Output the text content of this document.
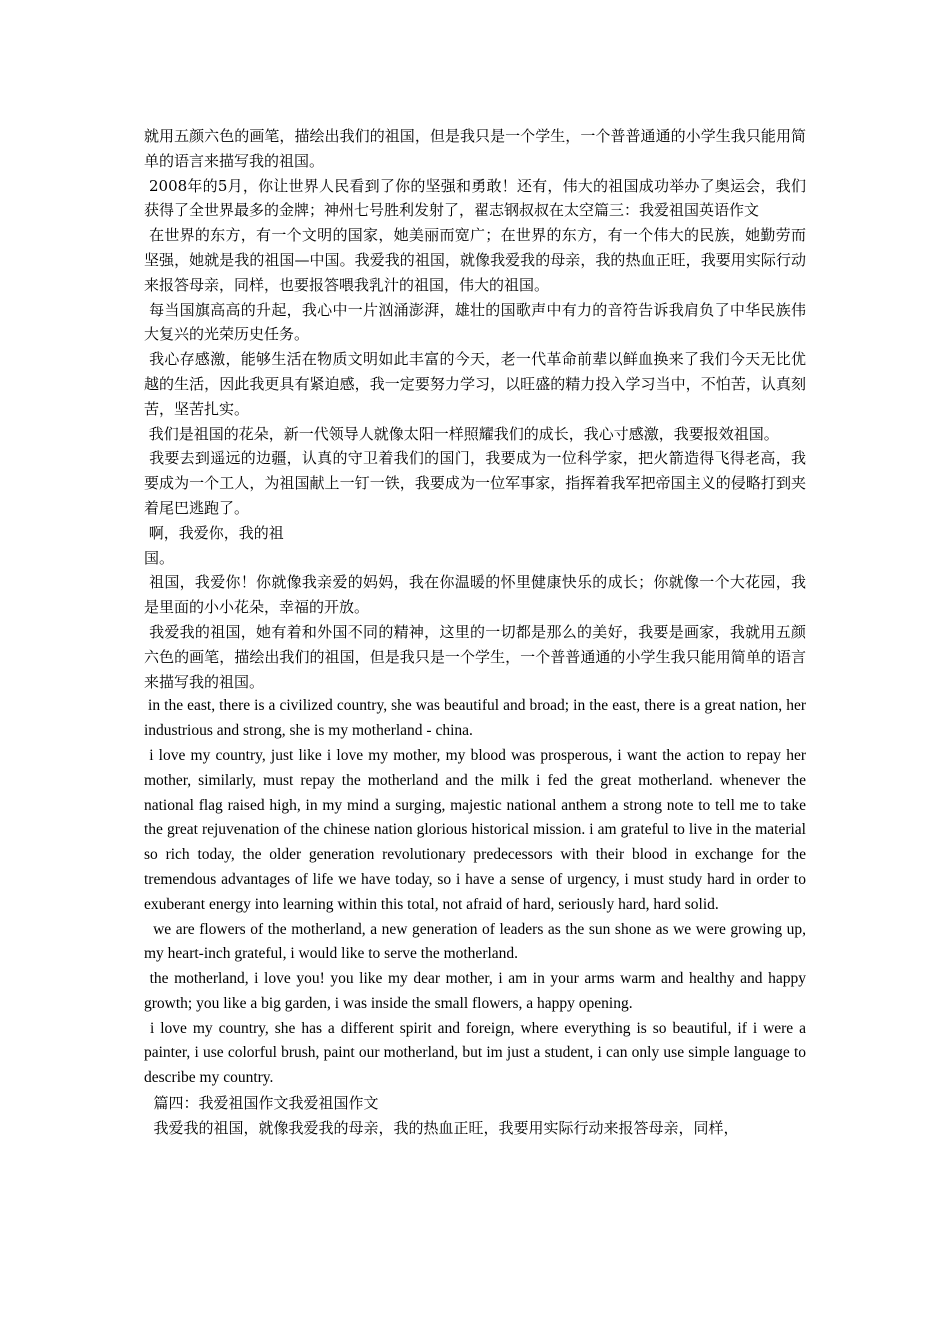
就用五颜六色的画笔，描绘出我们的祖国，但是我只是一个学生，一个普普通通的小学生我只能用简单的语言来描写我的祖国。

2008年的5月，你让世界人民看到了你的坚强和勇敢！还有，伟大的祖国成功举办了奥运会，我们获得了全世界最多的金牌；神州七号胜利发射了，翟志钢叔叔在太空篇三：我爱祖国英语作文

在世界的东方，有一个文明的国家，她美丽而宽广；在世界的东方，有一个伟大的民族，她勤劳而坚强，她就是我的祖国—中国。我爱我的祖国，就像我爱我的母亲，我的热血正旺，我要用实际行动来报答母亲，同样，也要报答喂我乳汁的祖国，伟大的祖国。

每当国旗高高的升起，我心中一片汹涌澎湃，雄壮的国歌声中有力的音符告诉我肩负了中华民族伟大复兴的光荣历史任务。

我心存感激，能够生活在物质文明如此丰富的今天，老一代革命前辈以鲜血换来了我们今天无比优越的生活，因此我更具有紧迫感，我一定要努力学习，以旺盛的精力投入学习当中，不怕苦，认真刻苦，坚苦扎实。

我们是祖国的花朵，新一代领导人就像太阳一样照耀我们的成长，我心寸感激，我要报效祖国。

我要去到遥远的边疆，认真的守卫着我们的国门，我要成为一位科学家，把火箭造得飞得老高，我要成为一个工人，为祖国献上一钉一铁，我要成为一位军事家，指挥着我军把帝国主义的侵略打到夹着尾巴逃跑了。

啊，我爱你，我的祖

国。

祖国，我爱你！你就像我亲爱的妈妈，我在你温暖的怀里健康快乐的成长；你就像一个大花园，我是里面的小小花朵，幸福的开放。

我爱我的祖国，她有着和外国不同的精神，这里的一切都是那么的美好，我要是画家，我就用五颜六色的画笔，描绘出我们的祖国，但是我只是一个学生，一个普普通通的小学生我只能用简单的语言来描写我的祖国。

in the east, there is a civilized country, she was beautiful and broad; in the east, there is a great nation, her industrious and strong, she is my motherland - china.

i love my country, just like i love my mother, my blood was prosperous, i want the action to repay her mother, similarly, must repay the motherland and the milk i fed the great motherland. whenever the national flag raised high, in my mind a surging, majestic national anthem a strong note to tell me to take the great rejuvenation of the chinese nation glorious historical mission. i am grateful to live in the material so rich today, the older generation revolutionary predecessors with their blood in exchange for the tremendous advantages of life we have today, so i have a sense of urgency, i must study hard in order to exuberant energy into learning within this total, not afraid of hard, seriously hard, hard solid.

we are flowers of the motherland, a new generation of leaders as the sun shone as we were growing up, my heart-inch grateful, i would like to serve the motherland.

the motherland, i love you! you like my dear mother, i am in your arms warm and healthy and happy growth; you like a big garden, i was inside the small flowers, a happy opening.

i love my country, she has a different spirit and foreign, where everything is so beautiful, if i were a painter, i use colorful brush, paint our motherland, but im just a student, i can only use simple language to describe my country.

篇四：我爱祖国作文我爱祖国作文

我爱我的祖国，就像我爱我的母亲，我的热血正旺，我要用实际行动来报答母亲，同样，
